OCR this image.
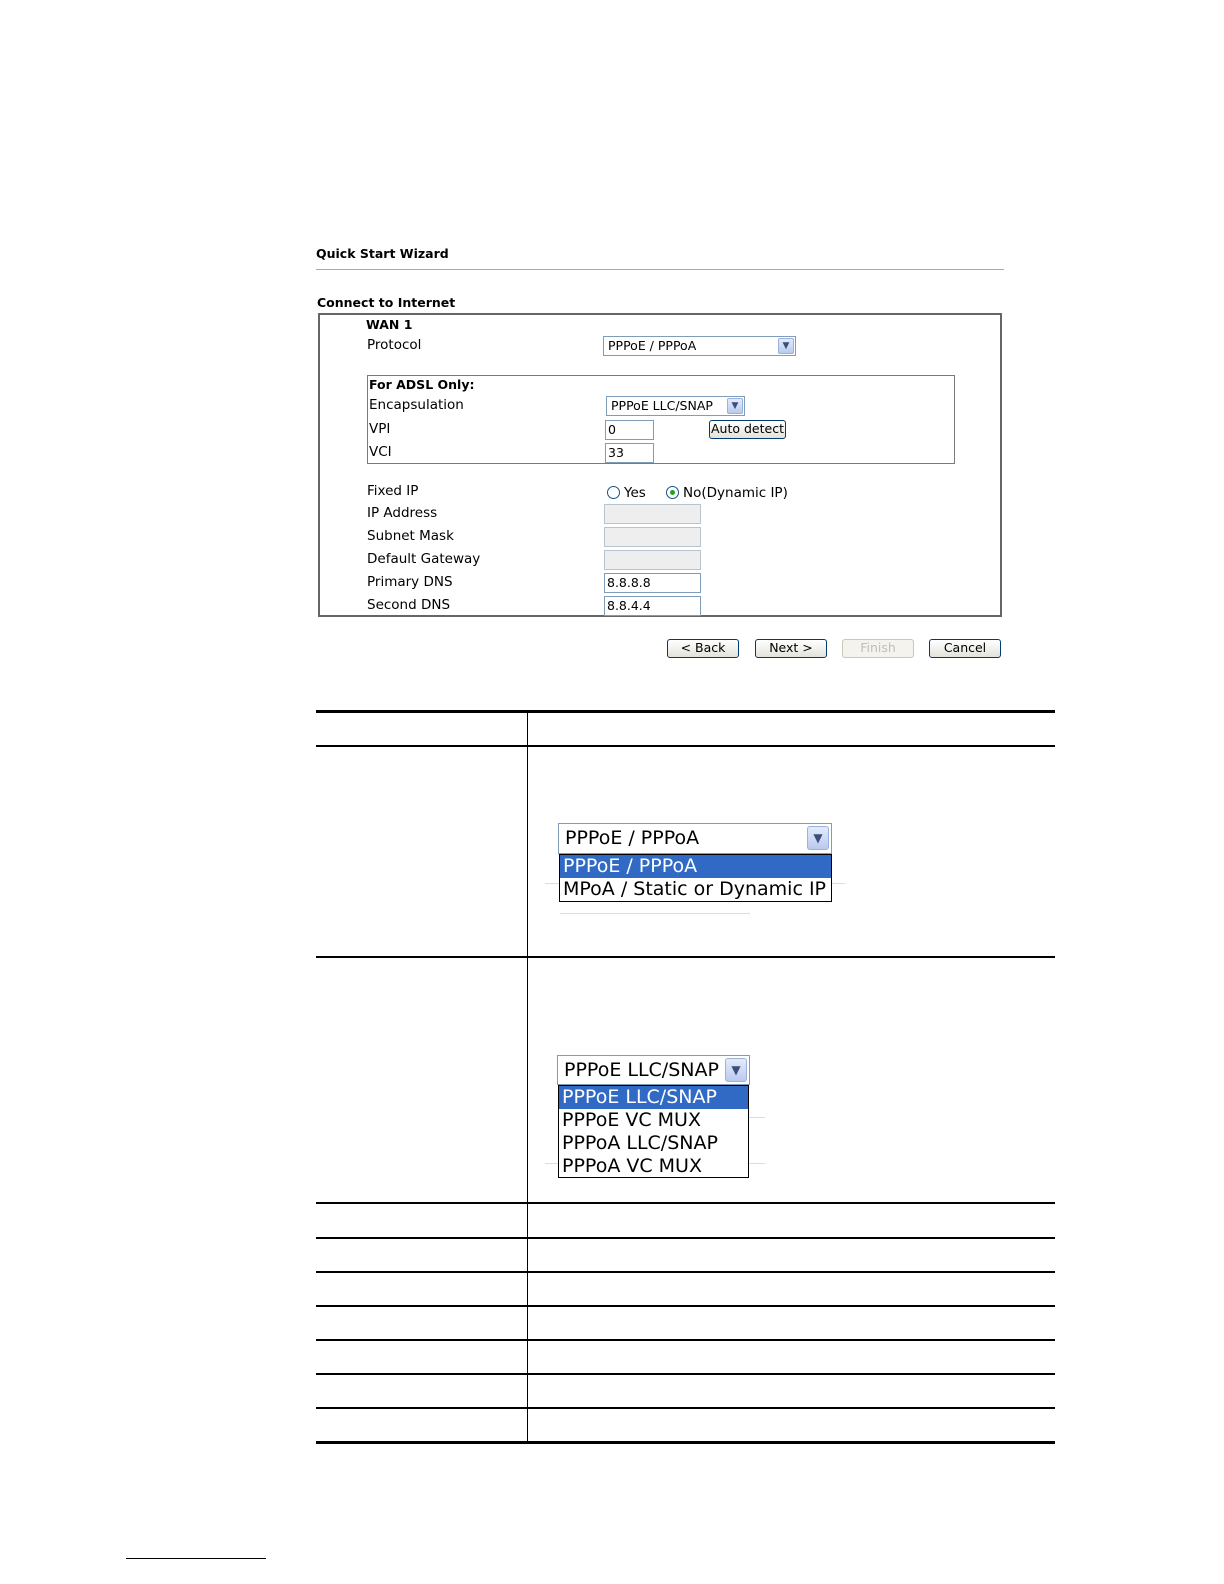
Quick Start Wizard
Connect to Internet
WAN 1
Protocol	PPPoE / PPPoA	▼
For ADSL Only:
Encapsulation	PPPoE LLC/SNAP	▼
VPI	0	Auto detect
VCI	33
Fixed IP	Yes	No(Dynamic IP)
IP Address
Subnet Mask
Default Gateway
Primary DNS	8.8.8.8
Second DNS	8.8.4.4
< Back	Next >	Finish	Cancel
PPPoE / PPPoA	▼
PPPoE / PPPoA
MPoA / Static or Dynamic IP
PPPoE LLC/SNAP	▼
PPPoE LLC/SNAP
PPPoE VC MUX
PPPoA LLC/SNAP
PPPoA VC MUX
